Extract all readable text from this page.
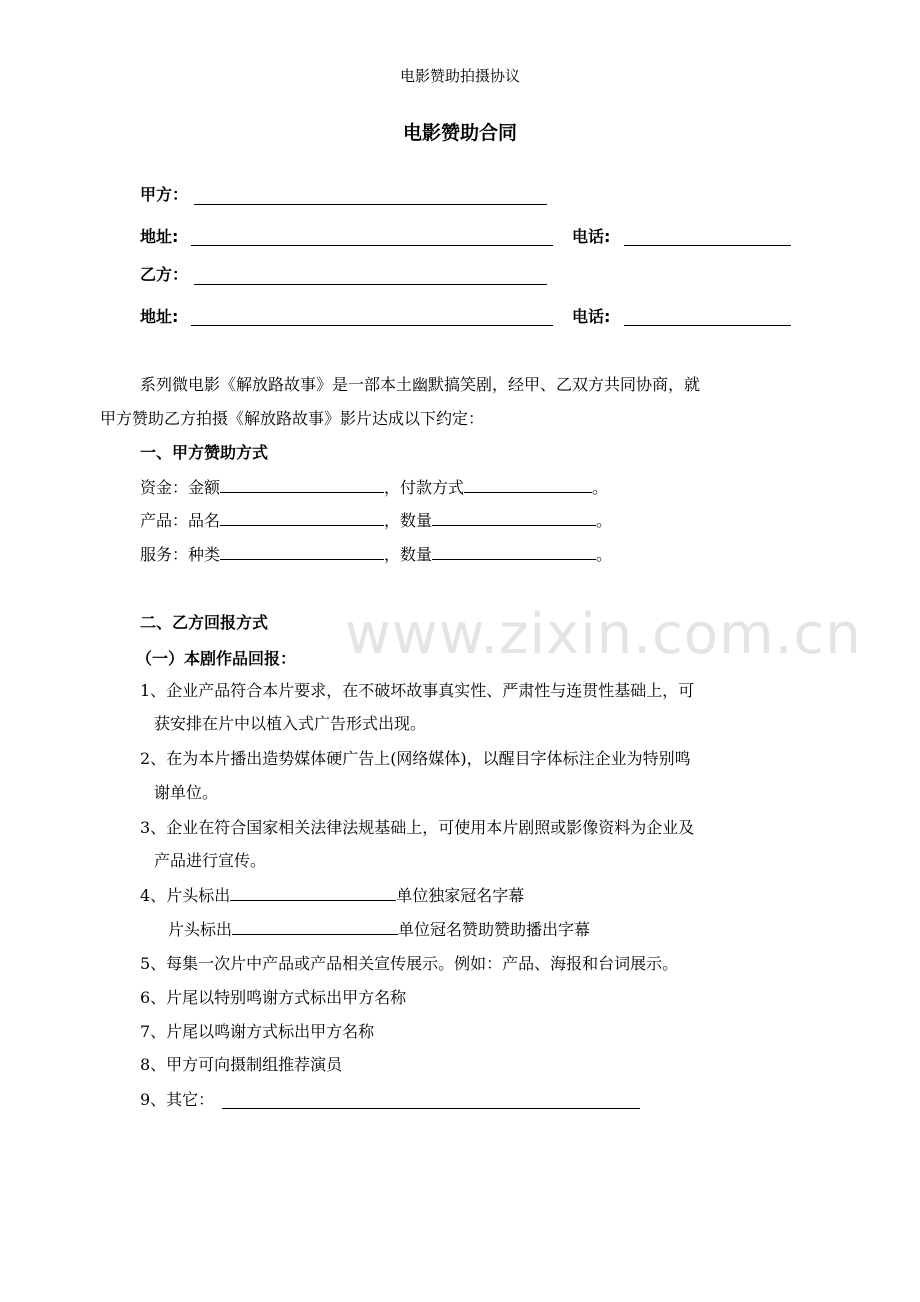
电影赞助拍摄协议
电影赞助合同
甲方：
地址:	电话:
乙方：
地址:	电话:
系列微电影《解放路故事》是一部本土幽默搞笑剧，经甲、乙双方共同协商，就
甲方赞助乙方拍摄《解放路故事》影片达成以下约定：
一、甲方赞助方式
资金：金额	，付款方式	。
产品：品名	，数量	。
服务：种类	，数量	。
www.zixin.com.cn
二、乙方回报方式
（一）本剧作品回报：
1、企业产品符合本片要求，在不破坏故事真实性、严肃性与连贯性基础上，可
获安排在片中以植入式广告形式出现。
2、在为本片播出造势媒体硬广告上(网络媒体)，以醒目字体标注企业为特别鸣
谢单位。
3、企业在符合国家相关法律法规基础上，可使用本片剧照或影像资料为企业及
产品进行宣传。
4、片头标出	单位独家冠名字幕
片头标出	单位冠名赞助赞助播出字幕
5、每集一次片中产品或产品相关宣传展示。例如：产品、海报和台词展示。
6、片尾以特别鸣谢方式标出甲方名称
7、片尾以鸣谢方式标出甲方名称
8、甲方可向摄制组推荐演员
9、其它：
